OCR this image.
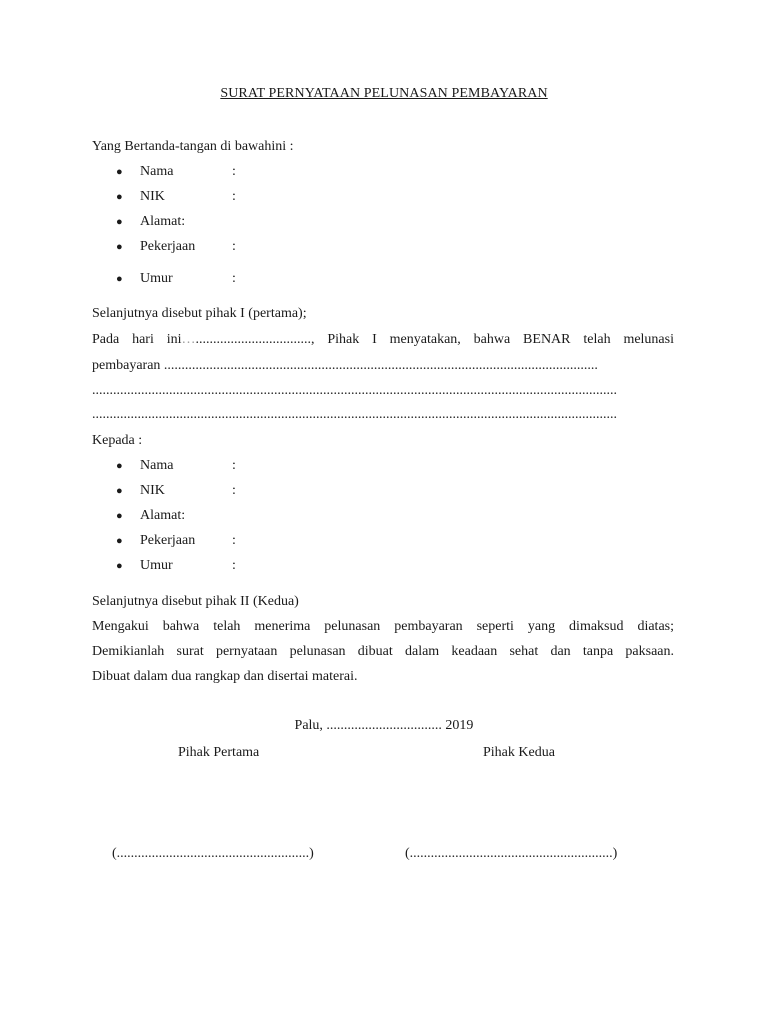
SURAT PERNYATAAN PELUNASAN PEMBAYARAN
Yang Bertanda-tangan di bawahini :
● Nama	:
● NIK	:
● Alamat:
● Pekerjaan	:
● Umur	:
Selanjutnya disebut pihak I (pertama);
Pada hari ini …................................., Pihak I menyatakan, bahwa BENAR telah melunasi
pembayaran ............................................................................................................................
......................................................................................................................................................
......................................................................................................................................................
Kepada :
● Nama	:
● NIK	:
● Alamat:
● Pekerjaan	:
● Umur	:
Selanjutnya disebut pihak II (Kedua)
Mengakui bahwa telah menerima pelunasan pembayaran seperti yang dimaksud diatas;
Demikianlah surat pernyataan pelunasan dibuat dalam keadaan sehat dan tanpa paksaan.
Dibuat dalam dua rangkap dan disertai materai.
Palu, ................................. 2019
Pihak Pertama	Pihak Kedua
(.......................................................)	(..........................................................)
